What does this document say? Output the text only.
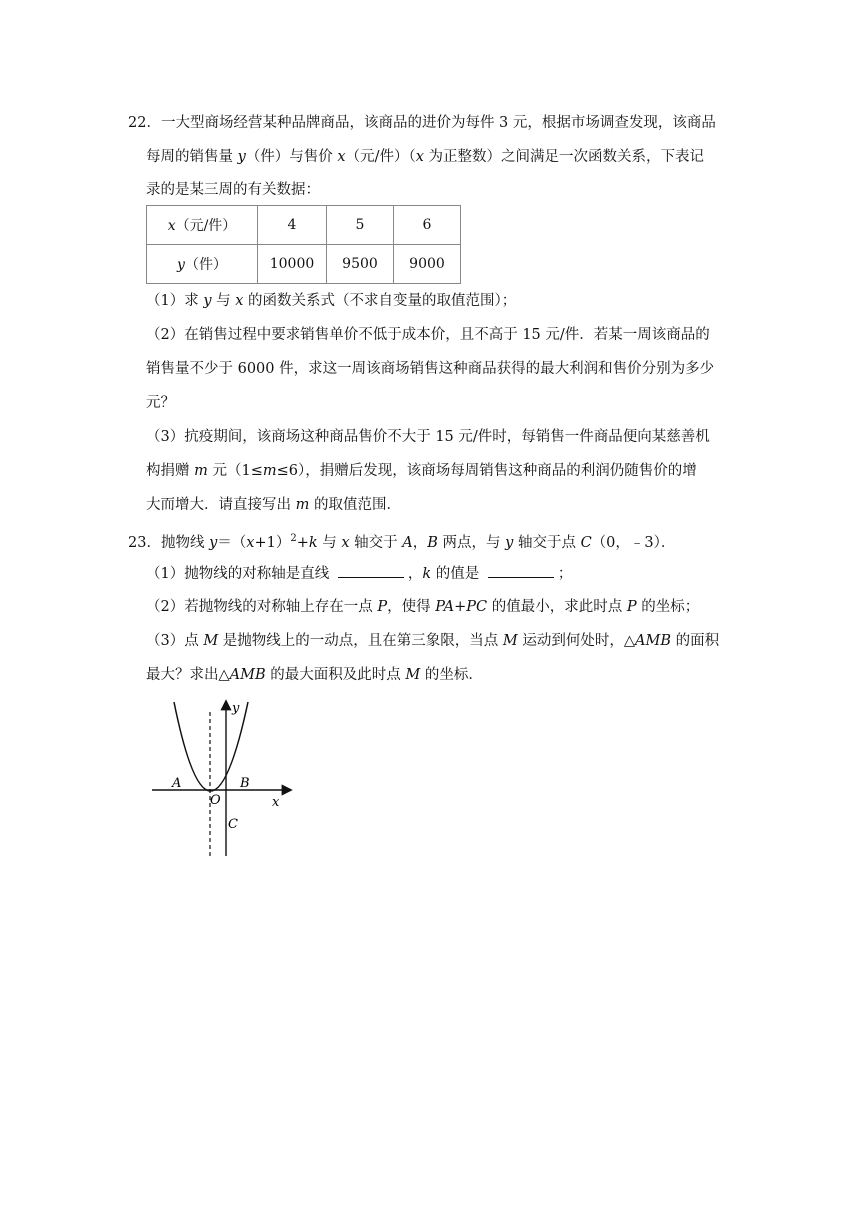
22．一大型商场经营某种品牌商品，该商品的进价为每件 3 元，根据市场调查发现，该商品
每周的销售量 y（件）与售价 x（元/件）（x 为正整数）之间满足一次函数关系，下表记
录的是某三周的有关数据：
x（元/件）	4	5	6
y（件）	10000	9500	9000
（1）求 y 与 x 的函数关系式（不求自变量的取值范围）；
（2）在销售过程中要求销售单价不低于成本价，且不高于 15 元/件．若某一周该商品的
销售量不少于 6000 件，求这一周该商场销售这种商品获得的最大利润和售价分别为多少
元？
（3）抗疫期间，该商场这种商品售价不大于 15 元/件时，每销售一件商品便向某慈善机
构捐赠 m 元（1≤m≤6），捐赠后发现，该商场每周销售这种商品的利润仍随售价的增
大而增大．请直接写出 m 的取值范围．
23．抛物线 $y=(x+1)^2+k$ 与 x 轴交于 A，B 两点，与 y 轴交于点 C（0，﹣3）．
（1）抛物线的对称轴是直线	，k 的值是	；
（2）若抛物线的对称轴上存在一点 P，使得 PA+PC 的值最小，求此时点 P 的坐标；
（3）点 M 是抛物线上的一动点，且在第三象限，当点 M 运动到何处时，△AMB 的面积
最大？求出△AMB 的最大面积及此时点 M 的坐标．
y
x
O
A	B
C
